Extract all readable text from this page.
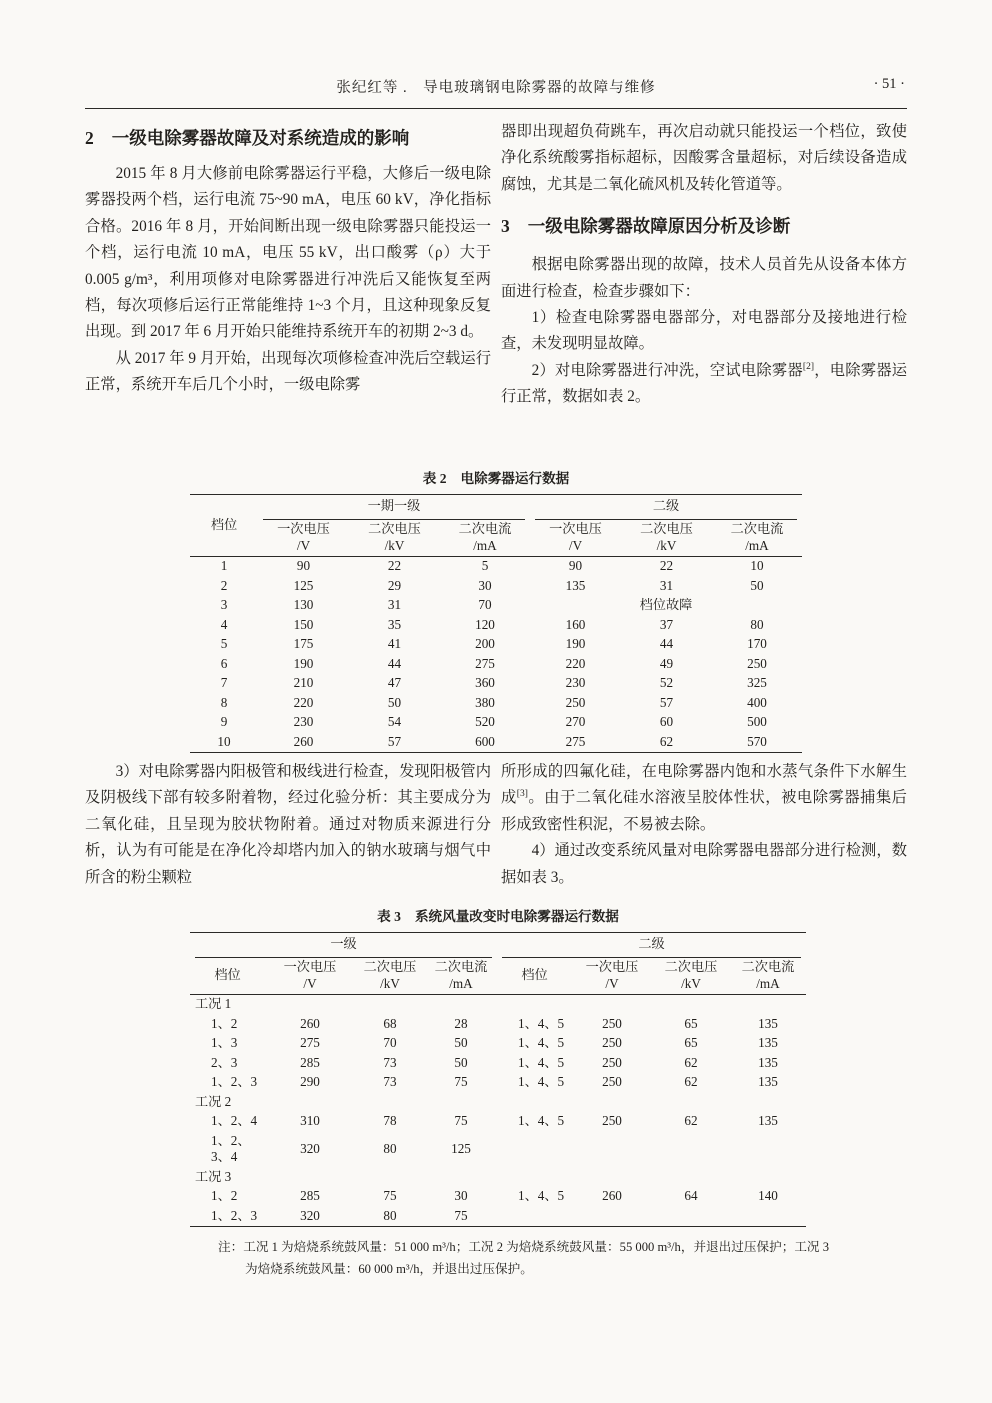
张纪红等 .　导电玻璃钢电除雾器的故障与维修	· 51 ·
2 一级电除雾器故障及对系统造成的影响

2015 年 8 月大修前电除雾器运行平稳，大修后一级电除雾器投两个档，运行电流 75~90 mA，电压 60 kV，净化指标合格。2016 年 8 月，开始间断出现一级电除雾器只能投运一个档，运行电流 10 mA，电压 55 kV，出口酸雾（ρ）大于 0.005 g/m³，利用项修对电除雾器进行冲洗后又能恢复至两档，每次项修后运行正常能维持 1~3 个月，且这种现象反复出现。到 2017 年 6 月开始只能维持系统开车的初期 2~3 d。

从 2017 年 9 月开始，出现每次项修检查冲洗后空载运行正常，系统开车后几个小时，一级电除雾

器即出现超负荷跳车，再次启动就只能投运一个档位，致使净化系统酸雾指标超标，因酸雾含量超标，对后续设备造成腐蚀，尤其是二氧化硫风机及转化管道等。

3 一级电除雾器故障原因分析及诊断

根据电除雾器出现的故障，技术人员首先从设备本体方面进行检查，检查步骤如下：

1）检查电除雾器电器部分，对电器部分及接地进行检查，未发现明显故障。

2）对电除雾器进行冲洗，空试电除雾器[2]，电除雾器运行正常，数据如表 2。

表 2 电除雾器运行数据
档位	一期一级			二级		

	一次电压
/V	二次电压
/kV	二次电流
/mA	一次电压
/V	二次电压
/kV	二次电流
/mA
1	90	22	5	90	22	10
2	125	29	30	135	31	50
3	130	31	70	档位故障		
4	150	35	120	160	37	80
5	175	41	200	190	44	170
6	190	44	275	220	49	250
7	210	47	360	230	52	325
8	220	50	380	250	57	400
9	230	54	520	270	60	500
10	260	57	600	275	62	570

3）对电除雾器内阳极管和极线进行检查，发现阳极管内及阴极线下部有较多附着物，经过化验分析：其主要成分为二氧化硅，且呈现为胶状物附着。通过对物质来源进行分析，认为有可能是在净化冷却塔内加入的钠水玻璃与烟气中所含的粉尘颗粒

所形成的四氟化硅，在电除雾器内饱和水蒸气条件下水解生成[3]。由于二氧化硅水溶液呈胶体性状，被电除雾器捕集后形成致密性积泥，不易被去除。

4）通过改变系统风量对电除雾器电器部分进行检测，数据如表 3。

表 3 系统风量改变时电除雾器运行数据
一级				二级			

档位	一次电压
/V	二次电压
/kV	二次电流
/mA	档位	一次电压
/V	二次电压
/kV	二次电流
/mA
工况 1							
1、2	260	68	28	1、4、5	250	65	135
1、3	275	70	50	1、4、5	250	65	135
2、3	285	73	50	1、4、5	250	62	135
1、2、3	290	73	75	1、4、5	250	62	135
工况 2							
1、2、4	310	78	75	1、4、5	250	62	135
1、2、3、4	320	80	125				
工况 3							
1、2	285	75	30	1、4、5	260	64	140
1、2、3	320	80	75				

注：工况 1 为焙烧系统鼓风量：51 000 m³/h；工况 2 为焙烧系统鼓风量：55 000 m³/h，并退出过压保护；工况 3 为焙烧系统鼓风量：60 000 m³/h，并退出过压保护。
